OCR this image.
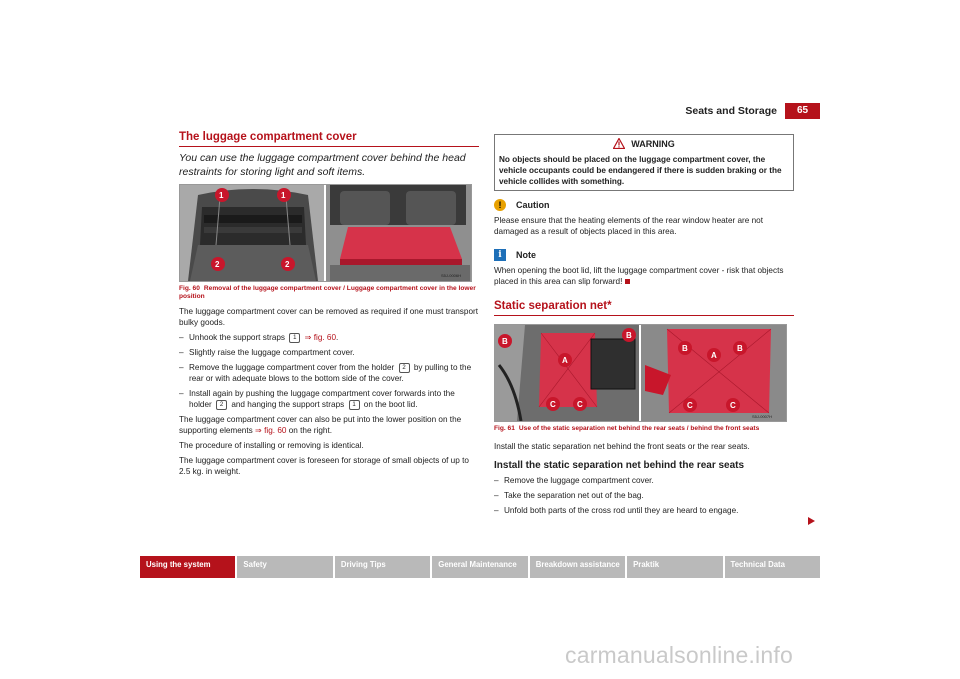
Seats and Storage	65
The luggage compartment cover
You can use the luggage compartment cover behind the head restraints for storing light and soft items.
S5J-0006H
1	1
2	2
Fig. 60 Removal of the luggage compartment cover / Luggage compartment cover in the lower position

The luggage compartment cover can be removed as required if one must transport bulky goods.

– Unhook the support straps 1 ⇒ fig. 60.
– Slightly raise the luggage compartment cover.
– Remove the luggage compartment cover from the holder 2 by pulling to the rear or with adequate blows to the bottom side of the cover.
– Install again by pushing the luggage compartment cover forwards into the holder 2 and hanging the support straps 1 on the boot lid.

The luggage compartment cover can also be put into the lower position on the supporting elements ⇒ fig. 60 on the right.

The procedure of installing or removing is identical.

The luggage compartment cover is foreseen for storage of small objects of up to 2.5 kg. in weight.

WARNING
No objects should be placed on the luggage compartment cover, the vehicle occupants could be endangered if there is sudden braking or the vehicle collides with something.
!	Caution

Please ensure that the heating elements of the rear window heater are not damaged as a result of objects placed in this area.

i	Note

When opening the boot lid, lift the luggage compartment cover - risk that objects placed in this area can slip forward!

Static separation net*
S5J-0007H
B
B
A
C	C
B	B
A
C	C
Fig. 61 Use of the static separation net behind the rear seats / behind the front seats

Install the static separation net behind the front seats or the rear seats.

Install the static separation net behind the rear seats
– Remove the luggage compartment cover.
– Take the separation net out of the bag.
– Unfold both parts of the cross rod until they are heard to engage.
Using the system	Safety	Driving Tips	General Maintenance	Breakdown assistance	Praktik	Technical Data
carmanualsonline.info
